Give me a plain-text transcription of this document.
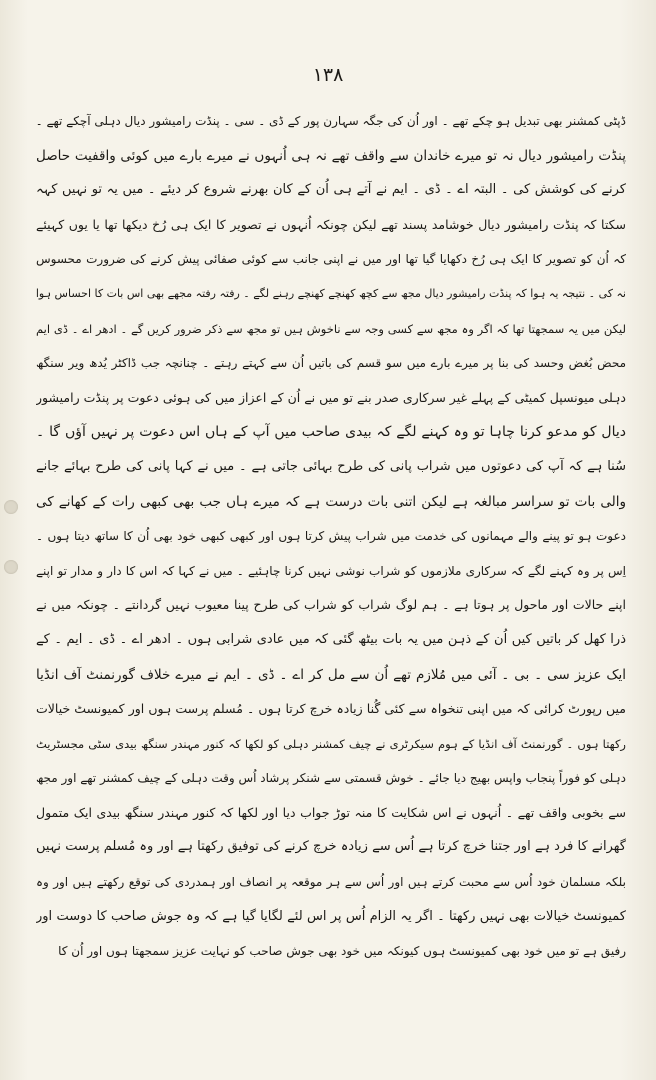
۱۳۸
ڈپٹی کمشنر بھی تبدیل ہو چکے تھے ۔ اور اُن کی جگہ سہارن پور کے ڈی ۔ سی ۔ پنڈت رامیشور دیال دہلی آچکے تھے ۔
پنڈت رامیشور دیال نہ تو میرے خاندان سے واقف تھے نہ ہی اُنہوں نے میرے بارے میں کوئی واقفیت حاصل
کرنے کی کوشش کی ۔ البتہ اے ۔ ڈی ۔ ایم نے آتے ہی اُن کے کان بھرنے شروع کر دیئے ۔ میں یہ تو نہیں کہہ
سکتا کہ پنڈت رامیشور دیال خوشامد پسند تھے لیکن چونکہ اُنہوں نے تصویر کا ایک ہی رُخ دیکھا تھا یا یوں کہیئے
کہ اُن کو تصویر کا ایک ہی رُخ دکھایا گیا تھا اور میں نے اپنی جانب سے کوئی صفائی پیش کرنے کی ضرورت محسوس
نہ کی ۔ نتیجہ یہ ہوا کہ پنڈت رامیشور دیال مجھ سے کچھ کھنچے کھنچے رہنے لگے ۔ رفتہ رفتہ مجھے بھی اس بات کا احساس ہوا
لیکن میں یہ سمجھتا تھا کہ اگر وہ مجھ سے کسی وجہ سے ناخوش ہیں تو مجھ سے ذکر ضرور کریں گے ۔ ادھر اے ۔ ڈی ایم
محض بُغض وحسد کی بنا پر میرے بارے میں سو قسم کی باتیں اُن سے کہتے رہتے ۔ چنانچہ جب ڈاکٹر یُدھ ویر سنگھ
دہلی میونسپل کمیٹی کے پہلے غیر سرکاری صدر بنے تو میں نے اُن کے اعزاز میں کی ہوئی دعوت پر پنڈت رامیشور
دیال کو مدعو کرنا چاہا تو وہ کہنے لگے کہ بیدی صاحب میں آپ کے ہاں اس دعوت پر نہیں آؤں گا ۔
سُنا ہے کہ آپ کی دعوتوں میں شراب پانی کی طرح بہائی جاتی ہے ۔ میں نے کہا پانی کی طرح بہائے جانے
والی بات تو سراسر مبالغہ ہے لیکن اتنی بات درست ہے کہ میرے ہاں جب بھی کبھی رات کے کھانے کی
دعوت ہو تو پینے والے مہمانوں کی خدمت میں شراب پیش کرتا ہوں اور کبھی کبھی خود بھی اُن کا ساتھ دیتا ہوں ۔
اِس پر وہ کہنے لگے کہ سرکاری ملازموں کو شراب نوشی نہیں کرنا چاہئیے ۔ میں نے کہا کہ اس کا دار و مدار تو اپنے
اپنے حالات اور ماحول پر ہوتا ہے ۔ ہم لوگ شراب کو شراب کی طرح پینا معیوب نہیں گردانتے ۔ چونکہ میں نے
ذرا کھل کر باتیں کیں اُن کے ذہن میں یہ بات بیٹھ گئی کہ میں عادی شرابی ہوں ۔ ادھر اے ۔ ڈی ۔ ایم ۔ کے
ایک عزیز سی ۔ بی ۔ آئی میں مُلازم تھے اُن سے مل کر اے ۔ ڈی ۔ ایم نے میرے خلاف گورنمنٹ آف انڈیا
میں رپورٹ کرائی کہ میں اپنی تنخواہ سے کئی گُنا زیادہ خرچ کرتا ہوں ۔ مُسلم پرست ہوں اور کمیونسٹ خیالات
رکھتا ہوں ۔ گورنمنٹ آف انڈیا کے ہوم سیکرٹری نے چیف کمشنر دہلی کو لکھا کہ کنور مہندر سنگھ بیدی سٹی مجسٹریٹ
دہلی کو فوراً پنجاب واپس بھیج دیا جائے ۔ خوش قسمتی سے شنکر پرشاد اُس وقت دہلی کے چیف کمشنر تھے اور مجھ
سے بخوبی واقف تھے ۔ اُنہوں نے اس شکایت کا منہ توڑ جواب دیا اور لکھا کہ کنور مہندر سنگھ بیدی ایک متمول
گھرانے کا فرد ہے اور جتنا خرچ کرتا ہے اُس سے زیادہ خرچ کرنے کی توفیق رکھتا ہے اور وہ مُسلم پرست نہیں
بلکہ مسلمان خود اُس سے محبت کرتے ہیں اور اُس سے ہر موقعہ پر انصاف اور ہمدردی کی توقع رکھتے ہیں اور وہ
کمیونسٹ خیالات بھی نہیں رکھتا ۔ اگر یہ الزام اُس پر اس لئے لگایا گیا ہے کہ وہ جوش صاحب کا دوست اور
رفیق ہے تو میں خود بھی کمیونسٹ ہوں کیونکہ میں خود بھی جوش صاحب کو نہایت عزیز سمجھتا ہوں اور اُن کا
